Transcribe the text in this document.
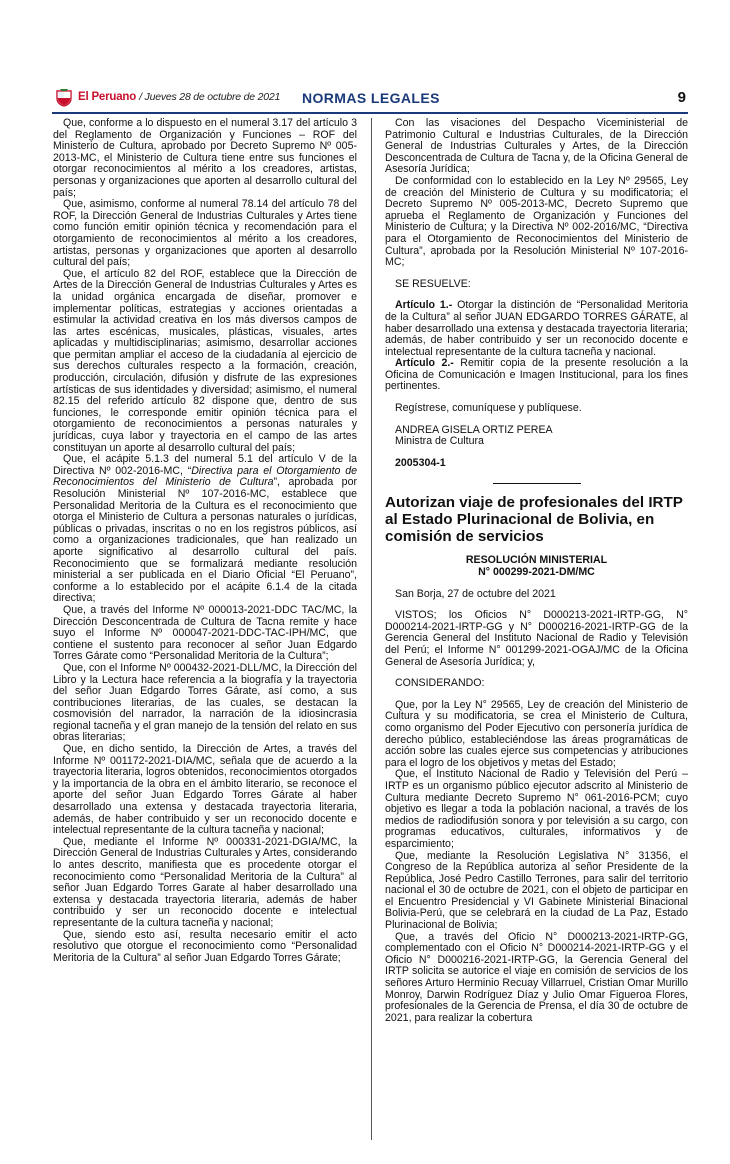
El Peruano / Jueves 28 de octubre de 2021 NORMAS LEGALES	9

Que, conforme a lo dispuesto en el numeral 3.17 del artículo 3 del Reglamento de Organización y Funciones – ROF del Ministerio de Cultura, aprobado por Decreto Supremo Nº 005-2013-MC, el Ministerio de Cultura tiene entre sus funciones el otorgar reconocimientos al mérito a los creadores, artistas, personas y organizaciones que aporten al desarrollo cultural del país;

Que, asimismo, conforme al numeral 78.14 del artículo 78 del ROF, la Dirección General de Industrias Culturales y Artes tiene como función emitir opinión técnica y recomendación para el otorgamiento de reconocimientos al mérito a los creadores, artistas, personas y organizaciones que aporten al desarrollo cultural del país;

Que, el artículo 82 del ROF, establece que la Dirección de Artes de la Dirección General de Industrias Culturales y Artes es la unidad orgánica encargada de diseñar, promover e implementar políticas, estrategias y acciones orientadas a estimular la actividad creativa en los más diversos campos de las artes escénicas, musicales, plásticas, visuales, artes aplicadas y multidisciplinarias; asimismo, desarrollar acciones que permitan ampliar el acceso de la ciudadanía al ejercicio de sus derechos culturales respecto a la formación, creación, producción, circulación, difusión y disfrute de las expresiones artísticas de sus identidades y diversidad; asimismo, el numeral 82.15 del referido artículo 82 dispone que, dentro de sus funciones, le corresponde emitir opinión técnica para el otorgamiento de reconocimientos a personas naturales y jurídicas, cuya labor y trayectoria en el campo de las artes constituyan un aporte al desarrollo cultural del país;

Que, el acápite 5.1.3 del numeral 5.1 del artículo V de la Directiva Nº 002-2016-MC, “Directiva para el Otorgamiento de Reconocimientos del Ministerio de Cultura”, aprobada por Resolución Ministerial Nº 107-2016-MC, establece que Personalidad Meritoria de la Cultura es el reconocimiento que otorga el Ministerio de Cultura a personas naturales o jurídicas, públicas o privadas, inscritas o no en los registros públicos, así como a organizaciones tradicionales, que han realizado un aporte significativo al desarrollo cultural del país. Reconocimiento que se formalizará mediante resolución ministerial a ser publicada en el Diario Oficial “El Peruano”, conforme a lo establecido por el acápite 6.1.4 de la citada directiva;

Que, a través del Informe Nº 000013-2021-DDC TAC/MC, la Dirección Desconcentrada de Cultura de Tacna remite y hace suyo el Informe Nº 000047-2021-DDC-TAC-IPH/MC, que contiene el sustento para reconocer al señor Juan Edgardo Torres Gárate como “Personalidad Meritoria de la Cultura”;

Que, con el Informe Nº 000432-2021-DLL/MC, la Dirección del Libro y la Lectura hace referencia a la biografía y la trayectoria del señor Juan Edgardo Torres Gárate, así como, a sus contribuciones literarias, de las cuales, se destacan la cosmovisión del narrador, la narración de la idiosincrasia regional tacneña y el gran manejo de la tensión del relato en sus obras literarias;

Que, en dicho sentido, la Dirección de Artes, a través del Informe Nº 001172-2021-DIA/MC, señala que de acuerdo a la trayectoria literaria, logros obtenidos, reconocimientos otorgados y la importancia de la obra en el ámbito literario, se reconoce el aporte del señor Juan Edgardo Torres Gárate al haber desarrollado una extensa y destacada trayectoria literaria, además, de haber contribuido y ser un reconocido docente e intelectual representante de la cultura tacneña y nacional;

Que, mediante el Informe Nº 000331-2021-DGIA/MC, la Dirección General de Industrias Culturales y Artes, considerando lo antes descrito, manifiesta que es procedente otorgar el reconocimiento como “Personalidad Meritoria de la Cultura” al señor Juan Edgardo Torres Garate al haber desarrollado una extensa y destacada trayectoria literaria, además de haber contribuido y ser un reconocido docente e intelectual representante de la cultura tacneña y nacional;

Que, siendo esto así, resulta necesario emitir el acto resolutivo que otorgue el reconocimiento como “Personalidad Meritoria de la Cultura” al señor Juan Edgardo Torres Gárate;

Con las visaciones del Despacho Viceministerial de Patrimonio Cultural e Industrias Culturales, de la Dirección General de Industrias Culturales y Artes, de la Dirección Desconcentrada de Cultura de Tacna y, de la Oficina General de Asesoría Jurídica;

De conformidad con lo establecido en la Ley Nº 29565, Ley de creación del Ministerio de Cultura y su modificatoria; el Decreto Supremo Nº 005-2013-MC, Decreto Supremo que aprueba el Reglamento de Organización y Funciones del Ministerio de Cultura; y la Directiva Nº 002-2016/MC, “Directiva para el Otorgamiento de Reconocimientos del Ministerio de Cultura”, aprobada por la Resolución Ministerial Nº 107-2016-MC;

SE RESUELVE:

Artículo 1.- Otorgar la distinción de “Personalidad Meritoria de la Cultura” al señor JUAN EDGARDO TORRES GÁRATE, al haber desarrollado una extensa y destacada trayectoria literaria; además, de haber contribuido y ser un reconocido docente e intelectual representante de la cultura tacneña y nacional.

Artículo 2.- Remitir copia de la presente resolución a la Oficina de Comunicación e Imagen Institucional, para los fines pertinentes.

Regístrese, comuníquese y publíquese.

ANDREA GISELA ORTIZ PEREA

Ministra de Cultura

2005304-1

Autorizan viaje de profesionales del IRTP al Estado Plurinacional de Bolivia, en comisión de servicios

RESOLUCIÓN MINISTERIAL

N° 000299-2021-DM/MC

San Borja, 27 de octubre del 2021

VISTOS; los Oficios N° D000213-2021-IRTP-GG, N° D000214-2021-IRTP-GG y N° D000216-2021-IRTP-GG de la Gerencia General del Instituto Nacional de Radio y Televisión del Perú; el Informe N° 001299-2021-OGAJ/MC de la Oficina General de Asesoría Jurídica; y,

CONSIDERANDO:

Que, por la Ley N° 29565, Ley de creación del Ministerio de Cultura y su modificatoria, se crea el Ministerio de Cultura, como organismo del Poder Ejecutivo con personería jurídica de derecho público, estableciéndose las áreas programáticas de acción sobre las cuales ejerce sus competencias y atribuciones para el logro de los objetivos y metas del Estado;

Que, el Instituto Nacional de Radio y Televisión del Perú – IRTP es un organismo público ejecutor adscrito al Ministerio de Cultura mediante Decreto Supremo N° 061-2016-PCM; cuyo objetivo es llegar a toda la población nacional, a través de los medios de radiodifusión sonora y por televisión a su cargo, con programas educativos, culturales, informativos y de esparcimiento;

Que, mediante la Resolución Legislativa N° 31356, el Congreso de la República autoriza al señor Presidente de la República, José Pedro Castillo Terrones, para salir del territorio nacional el 30 de octubre de 2021, con el objeto de participar en el Encuentro Presidencial y VI Gabinete Ministerial Binacional Bolivia-Perú, que se celebrará en la ciudad de La Paz, Estado Plurinacional de Bolivia;

Que, a través del Oficio N° D000213-2021-IRTP-GG, complementado con el Oficio N° D000214-2021-IRTP-GG y el Oficio N° D000216-2021-IRTP-GG, la Gerencia General del IRTP solicita se autorice el viaje en comisión de servicios de los señores Arturo Herminio Recuay Villarruel, Cristian Omar Murillo Monroy, Darwin Rodríguez Díaz y Julio Omar Figueroa Flores, profesionales de la Gerencia de Prensa, el día 30 de octubre de 2021, para realizar la cobertura
